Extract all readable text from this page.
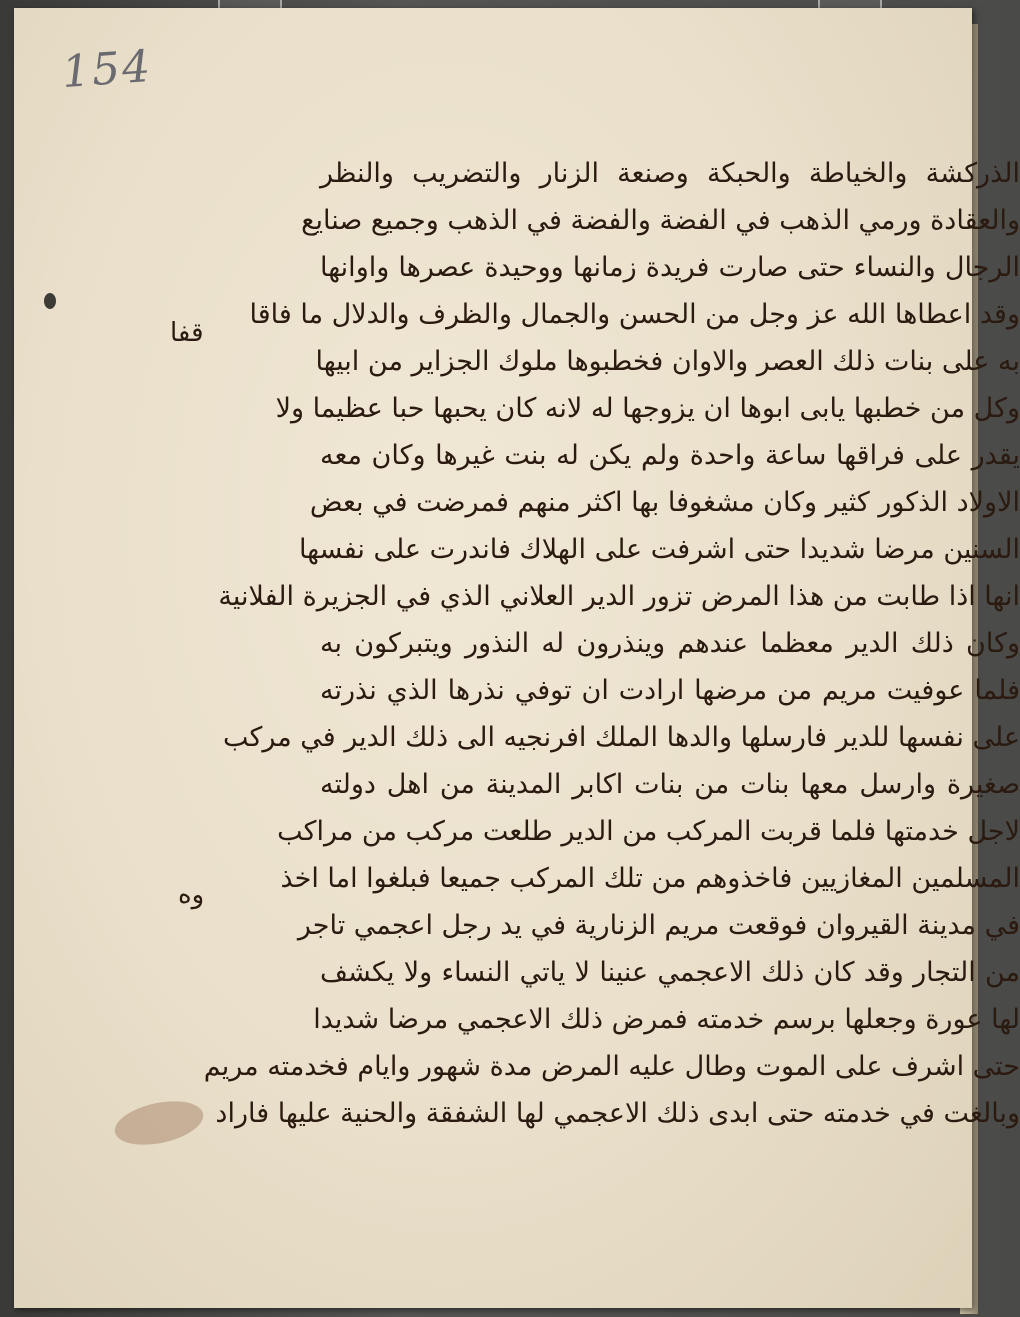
154
قفا
وه
الذركشة والخياطة والحبكة وصنعة الزنار والتضريب والنظر
والعقادة ورمي الذهب في الفضة والفضة في الذهب وجميع صنايع
الرجال والنساء حتى صارت فريدة زمانها ووحيدة عصرها واوانها
وقد اعطاها الله عز وجل من الحسن والجمال والظرف والدلال ما فاقا
به على بنات ذلك العصر والاوان فخطبوها ملوك الجزاير من ابيها
وكل من خطبها يابى ابوها ان يزوجها له لانه كان يحبها حبا عظيما ولا
يقدر على فراقها ساعة واحدة ولم يكن له بنت غيرها وكان معه
الاولاد الذكور كثير وكان مشغوفا بها اكثر منهم فمرضت في بعض
السنين مرضا شديدا حتى اشرفت على الهلاك فاندرت على نفسها
انها اذا طابت من هذا المرض تزور الدير العلاني الذي في الجزيرة الفلانية
وكان ذلك الدير معظما عندهم وينذرون له النذور ويتبركون به
فلما عوفيت مريم من مرضها ارادت ان توفي نذرها الذي نذرته
على نفسها للدير فارسلها والدها الملك افرنجيه الى ذلك الدير في مركب
صغيرة وارسل معها بنات من بنات اكابر المدينة من اهل دولته
لاجل خدمتها فلما قربت المركب من الدير طلعت مركب من مراكب
المسلمين المغازيين فاخذوهم من تلك المركب جميعا فبلغوا اما اخذ
في مدينة القيروان فوقعت مريم الزنارية في يد رجل اعجمي تاجر
من التجار وقد كان ذلك الاعجمي عنينا لا ياتي النساء ولا يكشف
لها عورة وجعلها برسم خدمته فمرض ذلك الاعجمي مرضا شديدا
حتى اشرف على الموت وطال عليه المرض مدة شهور وايام فخدمته مريم
وبالغت في خدمته حتى ابدى ذلك الاعجمي لها الشفقة والحنية عليها فاراد
